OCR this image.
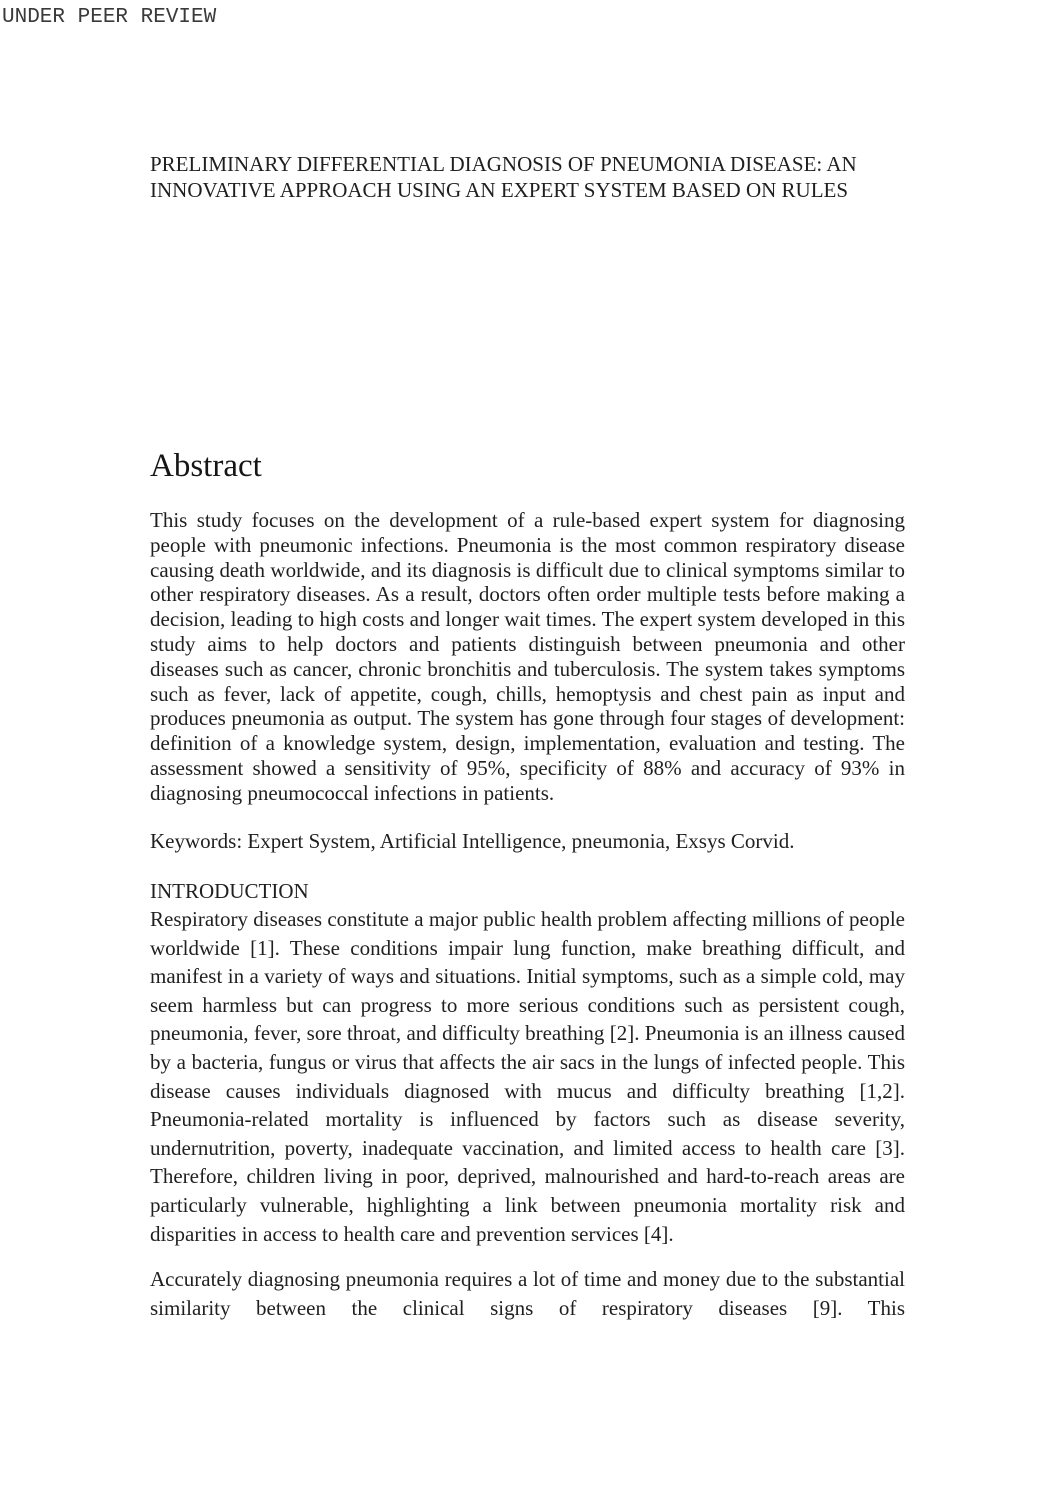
UNDER PEER REVIEW
PRELIMINARY DIFFERENTIAL DIAGNOSIS OF PNEUMONIA DISEASE: AN INNOVATIVE APPROACH USING AN EXPERT SYSTEM BASED ON RULES
Abstract

This study focuses on the development of a rule-based expert system for diagnosing people with pneumonic infections. Pneumonia is the most common respiratory disease causing death worldwide, and its diagnosis is difficult due to clinical symptoms similar to other respiratory diseases. As a result, doctors often order multiple tests before making a decision, leading to high costs and longer wait times. The expert system developed in this study aims to help doctors and patients distinguish between pneumonia and other diseases such as cancer, chronic bronchitis and tuberculosis. The system takes symptoms such as fever, lack of appetite, cough, chills, hemoptysis and chest pain as input and produces pneumonia as output. The system has gone through four stages of development: definition of a knowledge system, design, implementation, evaluation and testing. The assessment showed a sensitivity of 95%, specificity of 88% and accuracy of 93% in diagnosing pneumococcal infections in patients.

Keywords: Expert System, Artificial Intelligence, pneumonia, Exsys Corvid.

INTRODUCTION

Respiratory diseases constitute a major public health problem affecting millions of people worldwide [1]. These conditions impair lung function, make breathing difficult, and manifest in a variety of ways and situations. Initial symptoms, such as a simple cold, may seem harmless but can progress to more serious conditions such as persistent cough, pneumonia, fever, sore throat, and difficulty breathing [2]. Pneumonia is an illness caused by a bacteria, fungus or virus that affects the air sacs in the lungs of infected people. This disease causes individuals diagnosed with mucus and difficulty breathing [1,2]. Pneumonia-related mortality is influenced by factors such as disease severity, undernutrition, poverty, inadequate vaccination, and limited access to health care [3]. Therefore, children living in poor, deprived, malnourished and hard-to-reach areas are particularly vulnerable, highlighting a link between pneumonia mortality risk and disparities in access to health care and prevention services [4].

Accurately diagnosing pneumonia requires a lot of time and money due to the substantial similarity between the clinical signs of respiratory diseases [9]. This
